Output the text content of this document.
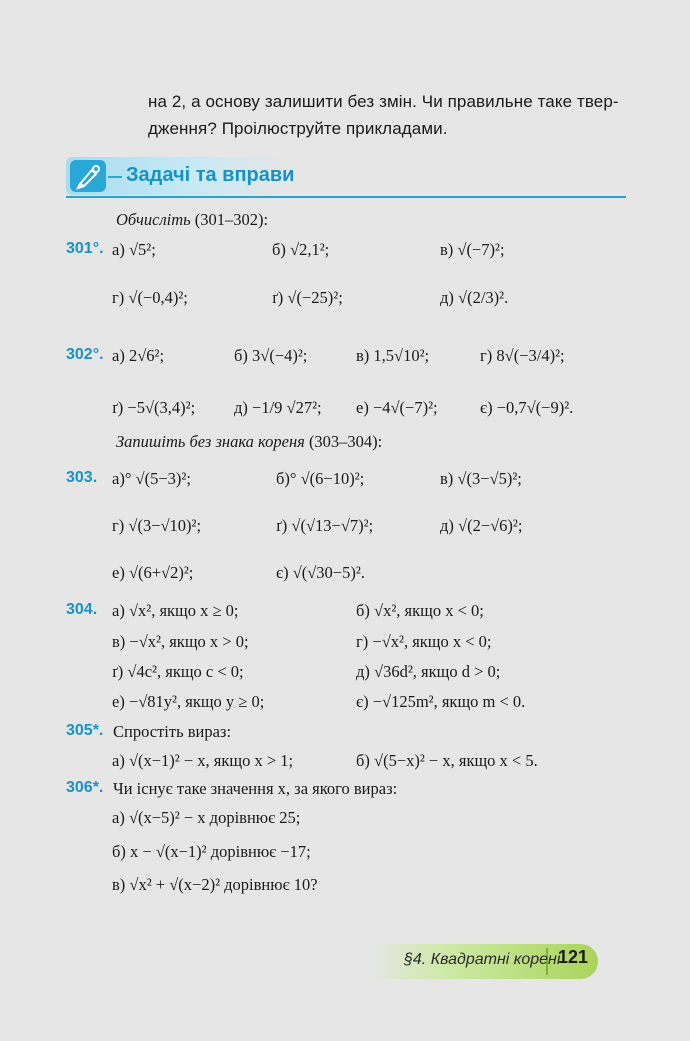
на 2, а основу залишити без змін. Чи правильне таке твер-
дження? Проілюструйте прикладами.
Задачі та вправи
Обчисліть (301–302):
301°. а) √5²;	б) √2,1²;	в) √(−7)²;
г) √(−0,4)²;	ґ) √(−25)²;	д) √(2/3)².
302°. а) 2√6²;	б) 3√(−4)²;	в) 1,5√10²;	г) 8√(−3/4)²;
ґ) −5√(3,4)²; д) −1/9 √27²; е) −4√(−7)²;	є) −0,7√(−9)².
Запишіть без знака кореня (303–304):
303. а)° √(5−3)²;	б)° √(6−10)²;	в) √(3−√5)²;
г) √(3−√10)²;	ґ) √(√13−√7)²;	д) √(2−√6)²;
е) √(6+√2)²;	є) √(√30−5)².
304. а) √x², якщо x ≥ 0;	б) √x², якщо x < 0;
в) −√x², якщо x > 0;	г) −√x², якщо x < 0;
ґ) √4c², якщо c < 0;	д) √36d², якщо d > 0;
е) −√81y², якщо y ≥ 0;	є) −√125m², якщо m < 0.
305*. Спростіть вираз:
а) √(x−1)² − x, якщо x > 1;	б) √(5−x)² − x, якщо x < 5.
306*. Чи існує таке значення x, за якого вираз:
а) √(x−5)² − x дорівнює 25;
б) x − √(x−1)² дорівнює −17;
в) √x² + √(x−2)² дорівнює 10?
§4. Квадратні корені
121
